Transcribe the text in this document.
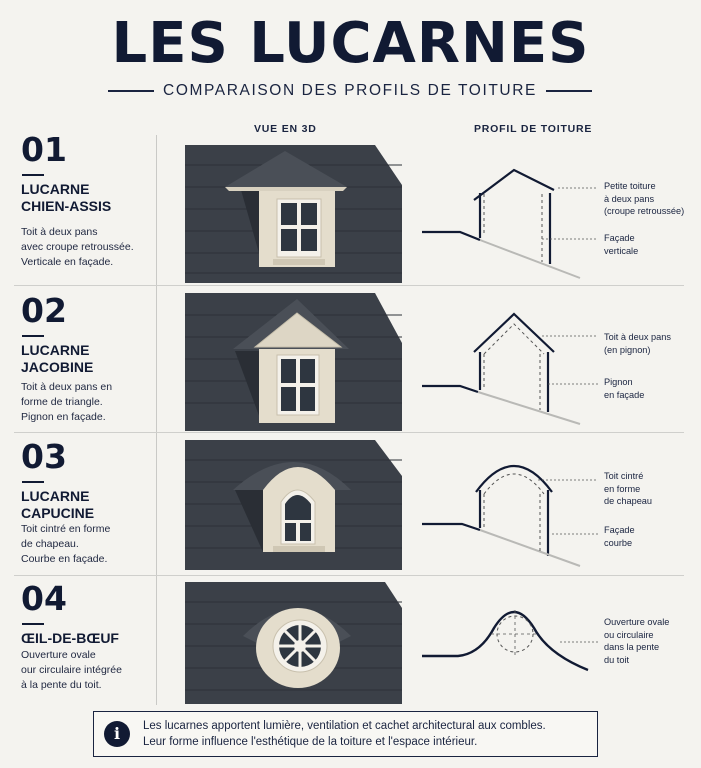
LES LUCARNES
COMPARAISON DES PROFILS DE TOITURE
VUE EN 3D	PROFIL DE TOITURE
01
LUCARNE
CHIEN-ASSIS
Toit à deux pans
avec croupe retroussée.
Verticale en façade.
Petite toiture
à deux pans
(croupe retroussée)
Façade
verticale
02
LUCARNE
JACOBINE
Toit à deux pans en
forme de triangle.
Pignon en façade.
Toit à deux pans
(en pignon)
Pignon
en façade
03
LUCARNE
CAPUCINE
Toit cintré en forme
de chapeau.
Courbe en façade.
Toit cintré
en forme
de chapeau
Façade
courbe
04
ŒIL-DE-BŒUF
Ouverture ovale
our circulaire intégrée
à la pente du toit.
Ouverture ovale
ou circulaire
dans la pente
du toit
i	Les lucarnes apportent lumière, ventilation et cachet architectural aux combles.
Leur forme influence l'esthétique de la toiture et l'espace intérieur.
